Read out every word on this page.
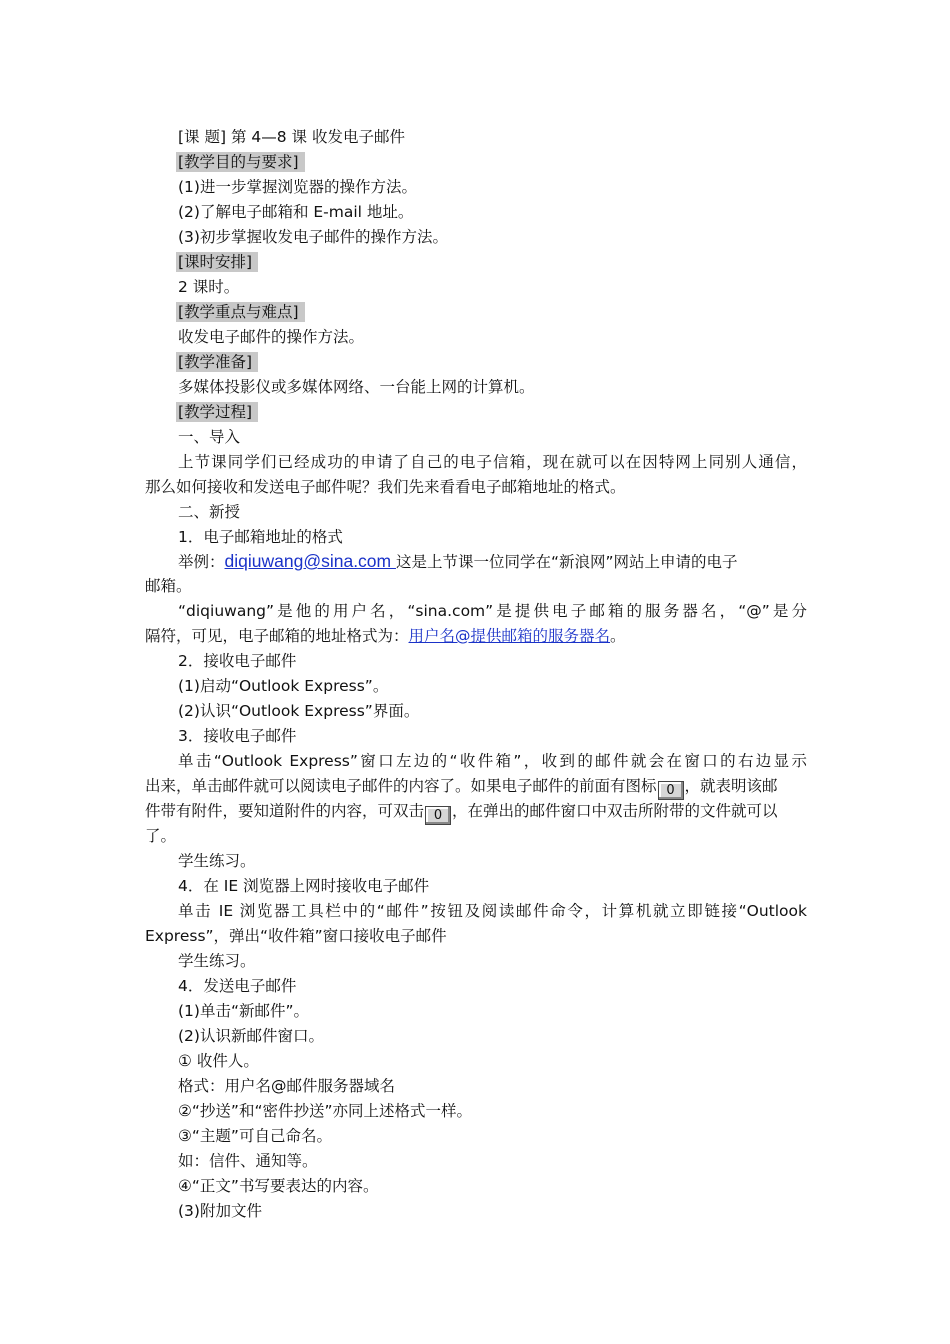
[课 题] 第 4—8 课 收发电子邮件
[教学目的与要求]
(1)进一步掌握浏览器的操作方法。
(2)了解电子邮箱和 E-mail 地址。
(3)初步掌握收发电子邮件的操作方法。
[课时安排]
2 课时。
[教学重点与难点]
收发电子邮件的操作方法。
[教学准备]
多媒体投影仪或多媒体网络、一台能上网的计算机。
[教学过程]
一、导入
上节课同学们已经成功的申请了自己的电子信箱，现在就可以在因特网上同别人通信，
那么如何接收和发送电子邮件呢？我们先来看看电子邮箱地址的格式。
二、新授
1．电子邮箱地址的格式
举例：diqiuwang@sina.com 这是上节课一位同学在“新浪网”网站上申请的电子
邮箱。
“diqiuwang”是他的用户名，“sina.com”是提供电子邮箱的服务器名，“@”是分
隔符，可见，电子邮箱的地址格式为：用户名@提供邮箱的服务器名。
2．接收电子邮件
(1)启动“Outlook Express”。
(2)认识“Outlook Express”界面。
3．接收电子邮件
单击“Outlook Express”窗口左边的“收件箱”，收到的邮件就会在窗口的右边显示
出来，单击邮件就可以阅读电子邮件的内容了。如果电子邮件的前面有图标 0 ，就表明该邮
件带有附件，要知道附件的内容，可双击 0 ，在弹出的邮件窗口中双击所附带的文件就可以
了。
学生练习。
4．在 IE 浏览器上网时接收电子邮件
单击 IE 浏览器工具栏中的“邮件”按钮及阅读邮件命令，计算机就立即链接“Outlook
Express”，弹出“收件箱”窗口接收电子邮件
学生练习。
4．发送电子邮件
(1)单击“新邮件”。
(2)认识新邮件窗口。
① 收件人。
格式：用户名@邮件服务器域名
②“抄送”和“密件抄送”亦同上述格式一样。
③“主题”可自己命名。
如：信件、通知等。
④“正文”书写要表达的内容。
(3)附加文件
